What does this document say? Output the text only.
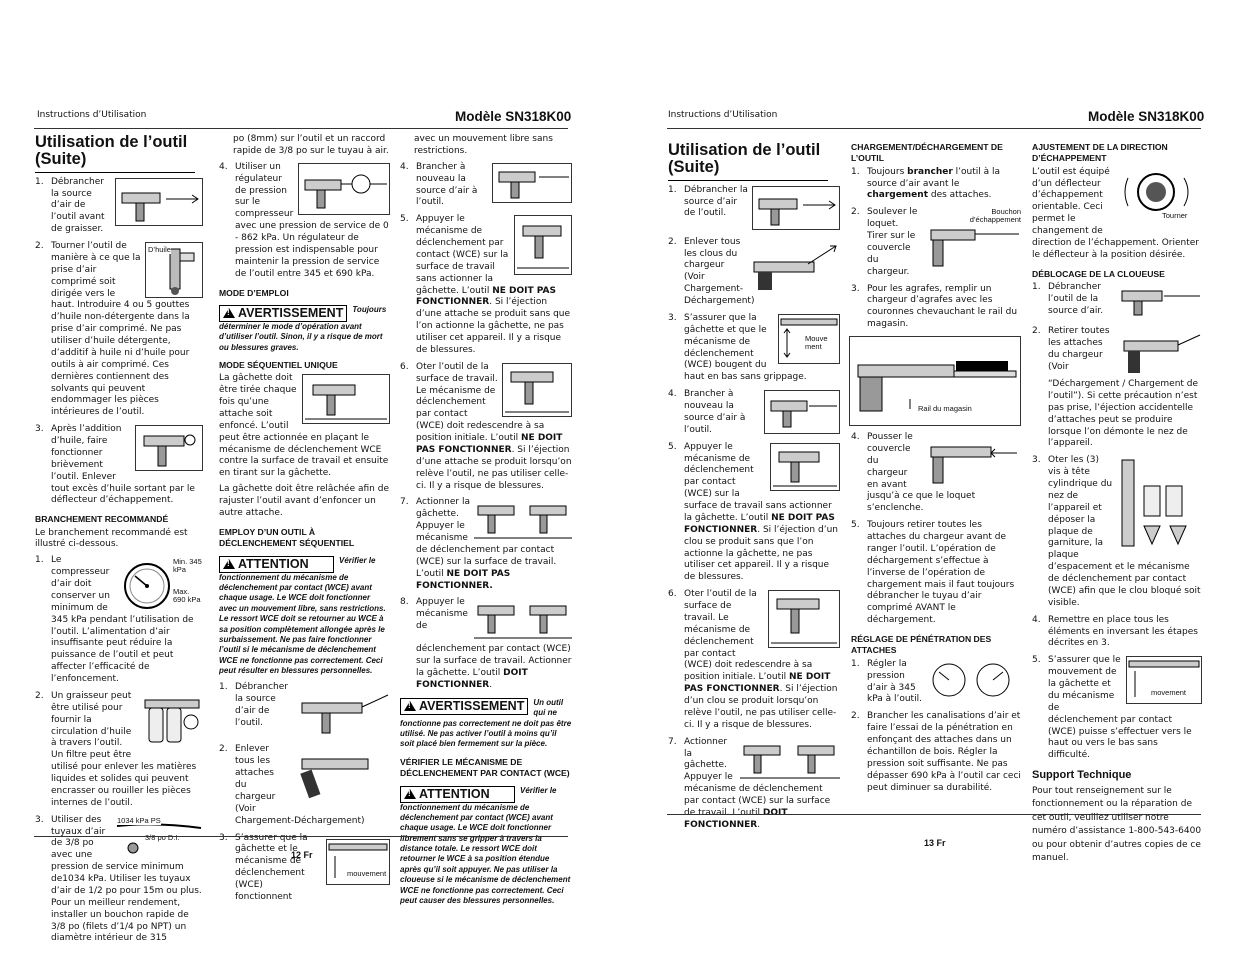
Instructions d’Utilisation	Modèle SN318K00
Utilisation de l’outil
(Suite)
1. Débrancher la source d’air de l’outil avant de graisser.
2.	D’huile
Tourner l’outil de manière à ce que la prise d’air comprimé soit dirigée vers le haut. Introduire 4 ou 5 gouttes d’huile non-détergente dans la prise d’air comprimé. Ne pas utiliser d’huile détergente, d’additif à huile ni d’huile pour outils à air comprimé. Ces dernières contiennent des solvants qui peuvent endommager les pièces intérieures de l’outil.
3. Après l’addition d’huile, faire fonctionner brièvement l’outil. Enlever tout excès d’huile sortant par le déflecteur d’échappement.
BRANCHEMENT RECOMMANDÉ

Le branchement recommandé est illustré ci-dessous.

1.	Min. 345 kPa
Max. 690 kPa
Le compresseur d’air doit conserver un minimum de 345 kPa pendant l’utilisation de l’outil. L’alimentation d’air insuffisante peut réduire la puissance de l’outil et peut affecter l’efficacité de l’enfoncement.
2. Un graisseur peut être utilisé pour fournir la circulation d’huile à travers l’outil. Un filtre peut être utilisé pour enlever les matières liquides et solides qui peuvent encrasser ou rouiller les pièces internes de l’outil.
3.	1034 kPa PS
3/8 po D.I.
Utiliser des tuyaux d’air de 3/8 po avec une pression de service minimum de1034 kPa. Utiliser les tuyaux d’air de 1/2 po pour 15m ou plus. Pour un meilleur rendement, installer un bouchon rapide de 3/8 po (filets d’1/4 po NPT) un diamètre intérieur de 315

po (8mm) sur l’outil et un raccord rapide de 3/8 po sur le tuyau à air.

4. Utiliser un régulateur de pression sur le compresseur avec une pression de service de 0 - 862 kPa. Un régulateur de pression est indispensable pour maintenir la pression de service de l’outil entre 345 et 690 kPa.
MODE D’EMPLOI
!
AVERTISSEMENT Toujours déterminer le mode d’opération avant d’utiliser l’outil. Sinon, il y a risque de mort ou blessures graves.
MODE SÉQUENTIEL UNIQUE

La gâchette doit être tirée chaque fois qu’une attache soit enfoncé. L’outil peut être actionnée en plaçant le mécanisme de déclenchement WCE contre la surface de travail et ensuite en tirant sur la gâchette.

La gâchette doit être relâchée afin de rajuster l’outil avant d’enfoncer un autre attache.

EMPLOY D’UN OUTIL À DÉCLENCHEMENT SÉQUENTIEL
!
ATTENTION	Vérifier le fonctionnement du mécanisme de déclenchement par contact (WCE) avant chaque usage. Le WCE doit fonctionner avec un mouvement libre, sans restrictions. Le ressort WCE doit se retourner au WCE à sa position complètement allongée après le surbaissement. Ne pas faire fonctionner l’outil si le mécanisme de déclenchement WCE ne fonctionne pas correctement. Ceci peut résulter en blessures personnelles.
1. Débrancher la source d’air de l’outil.
2. Enlever tous les attaches du chargeur (Voir Chargement-Déchargement)
3.
mouvement
S’assurer que la gâchette et le mécanisme de déclenchement (WCE) fonctionnent

avec un mouvement libre sans restrictions.

4. Brancher à nouveau la source d’air à l’outil.
5. Appuyer le mécanisme de déclenchement par contact (WCE) sur la surface de travail sans actionner la gâchette. L’outil NE DOIT PAS FONCTIONNER. Si l’éjection d’une attache se produit sans que l’on actionne la gâchette, ne pas utiliser cet appareil. Il y a risque de blessures.
6. Oter l’outil de la surface de travail. Le mécanisme de déclenchement par contact (WCE) doit redescendre à sa position initiale. L’outil NE DOIT PAS FONCTIONNER. Si l’éjection d’une attache se produit lorsqu’on relève l’outil, ne pas utiliser celle-ci. Il y a risque de blessures.
7. Actionner la gâchette. Appuyer le mécanisme de déclenchement par contact (WCE) sur la surface de travail. L’outil NE DOIT PAS FONCTIONNER.
8. Appuyer le mécanisme de déclenchement par contact (WCE) sur la surface de travail. Actionner la gâchette. L’outil DOIT FONCTIONNER.
!
AVERTISSEMENT Un outil qui ne fonctionne pas correctement ne doit pas être utilisé. Ne pas activer l’outil à moins qu’il soit placé bien fermement sur la pièce.
VÉRIFIER LE MÉCANISME DE DÉCLENCHEMENT PAR CONTACT (WCE)
!
ATTENTION	Vérifier le fonctionnement du mécanisme de déclenchement par contact (WCE) avant chaque usage. Le WCE doit fonctionner librement sans se gripper à travers la distance totale. Le ressort WCE doit retourner le WCE à sa position étendue après qu’il soit appuyer. Ne pas utiliser la cloueuse si le mécanisme de déclenchement WCE ne fonctionne pas correctement. Ceci peut causer des blessures personnelles.
12 Fr
Instructions d’Utilisation	Modèle SN318K00
Utilisation de l’outil
(Suite)
1. Débrancher la source d’air de l’outil.
2. Enlever tous les clous du chargeur (Voir Chargement-Déchargement)
3.
Mouve ment
S’assurer que la gâchette et que le mécanisme de déclenchement (WCE) bougent du haut en bas sans grippage.
4. Brancher à nouveau la source d’air à l’outil.
5. Appuyer le mécanisme de déclenchement par contact (WCE) sur la surface de travail sans actionner la gâchette. L’outil NE DOIT PAS FONCTIONNER. Si l’éjection d’un clou se produit sans que l’on actionne la gâchette, ne pas utiliser cet appareil. Il y a risque de blessures.
6. Oter l’outil de la surface de travail. Le mécanisme de déclenchement par contact (WCE) doit redescendre à sa position initiale. L’outil NE DOIT PAS FONCTIONNER. Si l’éjection d’un clou se produit lorsqu’on relève l’outil, ne pas utiliser celle-ci. Il y a risque de blessures.
7. Actionner la gâchette. Appuyer le mécanisme de déclenchement par contact (WCE) sur la surface de travail. L’outil DOIT FONCTIONNER.
CHARGEMENT/DÉCHARGEMENT DE L’OUTIL
1. Toujours brancher l’outil à la source d’air avant le chargement des attaches.
2.	Bouchon d’échappement
Soulever le loquet. Tirer sur le couvercle du chargeur.
3. Pour les agrafes, remplir un chargeur d’agrafes avec les couronnes chevauchant le rail du magasin.
Rail du magasin
4. Pousser le couvercle du chargeur en avant jusqu’à ce que le loquet s’enclenche.
5. Toujours retirer toutes les attaches du chargeur avant de ranger l’outil. L’opération de déchargement s’effectue à l’inverse de l’opération de chargement mais il faut toujours débrancher le tuyau d’air comprimé AVANT le déchargement.
RÉGLAGE DE PÉNÉTRATION DES ATTACHES
1. Régler la pression d’air à 345 kPa à l’outil.
2. Brancher les canalisations d’air et faire l’essai de la pénétration en enfonçant des attaches dans un échantillon de bois. Régler la pression soit suffisante. Ne pas dépasser 690 kPa à l’outil car ceci peut diminuer sa durabilité.
AJUSTEMENT DE LA DIRECTION D’ÉCHAPPEMENT

Tourner
L’outil est équipé d’un déflecteur d’échappement orientable. Ceci permet le changement de direction de l’échappement. Orienter le déflecteur à la position désirée.

DÉBLOCAGE DE LA CLOUEUSE
1. Débrancher l’outil de la source d’air.
2. Retirer toutes les attaches du chargeur (Voir “Déchargement / Chargement de l’outil”). Si cette précaution n’est pas prise, l’éjection accidentelle d’attaches peut se produire lorsque l’on démonte le nez de l’appareil.
3. Oter les (3) vis à tête cylindrique du nez de l’appareil et déposer la plaque de garniture, la plaque d’espacement et le mécanisme de déclenchement par contact (WCE) afin que le clou bloqué soit visible.
4. Remettre en place tous les éléments en inversant les étapes décrites en 3.
5.
movement
S’assurer que le mouvement de la gâchette et du mécanisme de déclenchement par contact (WCE) puisse s’effectuer vers le haut ou vers le bas sans difficulté.
Support Technique

Pour tout renseignement sur le fonctionnement ou la réparation de cet outil, veuillez utiliser notre numéro d’assistance 1-800-543-6400 ou pour obtenir d’autres copies de ce manuel.

13 Fr
